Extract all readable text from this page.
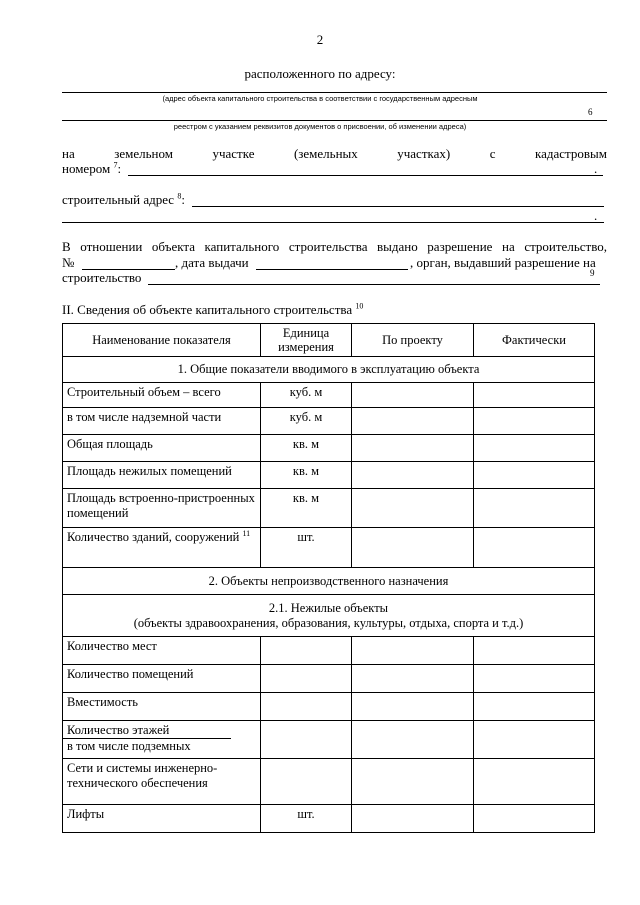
2
расположенного по адресу:
(адрес объекта капитального строительства в соответствии с государственным адресным
6
реестром с указанием реквизитов документов о присвоении, об изменении адреса)
на	земельном	участке	(земельных	участках)	с	кадастровым
номером $^7$:	.
строительный адрес $^8$:
.
В отношении объекта капитального строительства выдано разрешение на строительство,
№	, дата выдачи	, орган, выдавший разрешение на
строительство	9
II. Сведения об объекте капитального строительства $^{10}$
Наименование показателя	Единица измерения	По проекту	Фактически
1. Общие показатели вводимого в эксплуатацию объекта			
Строительный объем – всего	куб. м		
в том числе надземной части	куб. м		
Общая площадь	кв. м		
Площадь нежилых помещений	кв. м		
Площадь встроенно-пристроенных помещений	кв. м		
Количество зданий, сооружений $^{11}$	шт.		
2. Объекты непроизводственного назначения			

2.1. Нежилые объекты
(объекты здравоохранения, образования, культуры, отдыха, спорта и т.д.)			

Количество мест			
Количество помещений			
Вместимость			

Количество этажей
в том числе подземных			

Сети и системы инженерно-технического обеспечения			
Лифты	шт.		
